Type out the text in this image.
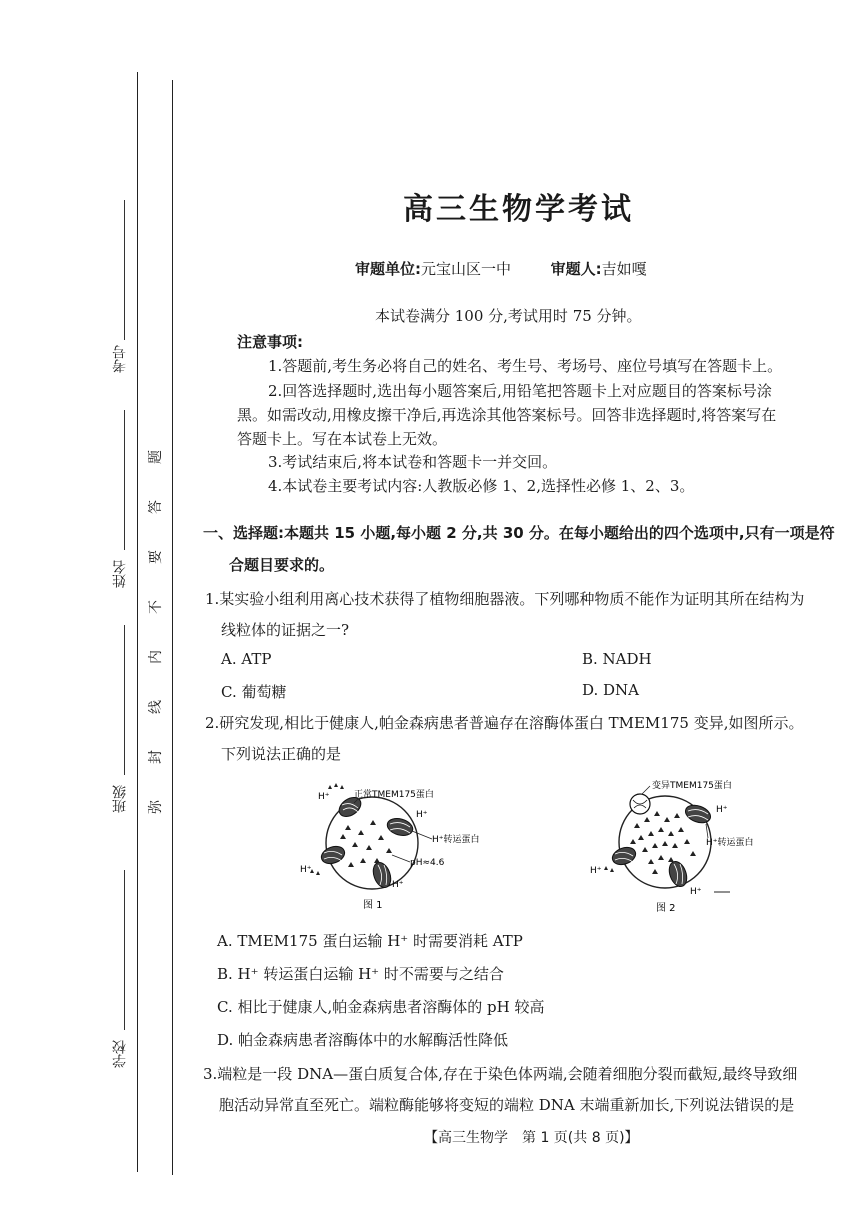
考号
姓名
班级
学校
题
答
要
不
内
线
封
弥
高三生物学考试
审题单位:元宝山区一中	审题人:吉如嘎
本试卷满分 100 分,考试用时 75 分钟。
注意事项:
1.答题前,考生务必将自己的姓名、考生号、考场号、座位号填写在答题卡上。
2.回答选择题时,选出每小题答案后,用铅笔把答题卡上对应题目的答案标号涂
黑。如需改动,用橡皮擦干净后,再选涂其他答案标号。回答非选择题时,将答案写在
答题卡上。写在本试卷上无效。
3.考试结束后,将本试卷和答题卡一并交回。
4.本试卷主要考试内容:人教版必修 1、2,选择性必修 1、2、3。
一、选择题:本题共 15 小题,每小题 2 分,共 30 分。在每小题给出的四个选项中,只有一项是符
合题目要求的。
1.某实验小组利用离心技术获得了植物细胞器液。下列哪种物质不能作为证明其所在结构为
线粒体的证据之一?
A. ATP	B. NADH
C. 葡萄糖	D. DNA
2.研究发现,相比于健康人,帕金森病患者普遍存在溶酶体蛋白 TMEM175 变异,如图所示。
下列说法正确的是
H⁺	正常TMEM175蛋白
H⁺
H⁺转运蛋白
pH≈4.6
H⁺
H⁺
图 1
变异TMEM175蛋白
H⁺
H⁺转运蛋白
H⁺
H⁺
图 2
A. TMEM175 蛋白运输 H⁺ 时需要消耗 ATP
B. H⁺ 转运蛋白运输 H⁺ 时不需要与之结合
C. 相比于健康人,帕金森病患者溶酶体的 pH 较高
D. 帕金森病患者溶酶体中的水解酶活性降低
3.端粒是一段 DNA—蛋白质复合体,存在于染色体两端,会随着细胞分裂而截短,最终导致细
胞活动异常直至死亡。端粒酶能够将变短的端粒 DNA 末端重新加长,下列说法错误的是
【高三生物学　第 1 页(共 8 页)】
